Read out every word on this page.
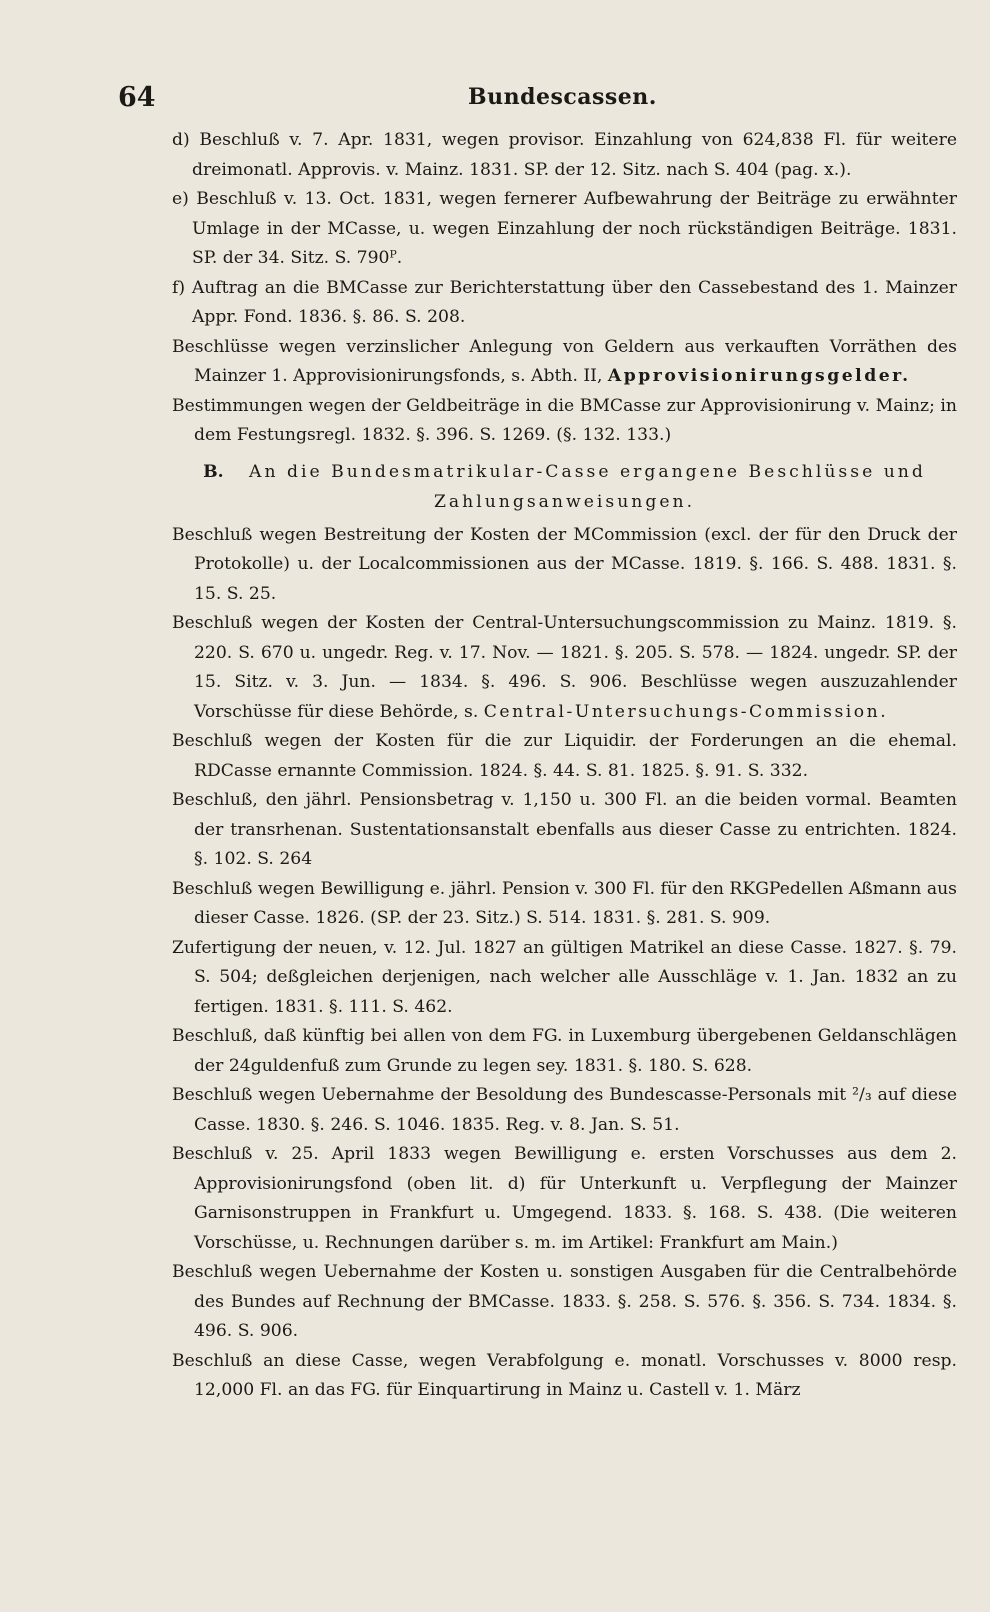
64	Bundescassen.

d) Beschluß v. 7. Apr. 1831, wegen provisor. Einzahlung von 624,838 Fl. für weitere dreimonatl. Approvis. v. Mainz. 1831. SP. der 12. Sitz. nach S. 404 (pag. x.).

e) Beschluß v. 13. Oct. 1831, wegen fernerer Aufbewahrung der Beiträge zu erwähnter Umlage in der MCasse, u. wegen Einzahlung der noch rückständigen Beiträge. 1831. SP. der 34. Sitz. S. 790ᴾ.

f) Auftrag an die BMCasse zur Berichterstattung über den Cassebestand des 1. Mainzer Appr. Fond. 1836. §. 86. S. 208.

Beschlüsse wegen verzinslicher Anlegung von Geldern aus verkauften Vorräthen des Mainzer 1. Approvisionirungsfonds, s. Abth. II, Approvisionirungsgelder.

Bestimmungen wegen der Geldbeiträge in die BMCasse zur Approvisionirung v. Mainz; in dem Festungsregl. 1832. §. 396. S. 1269. (§. 132. 133.)

B. An die Bundesmatrikular-Casse ergangene Beschlüsse und
Zahlungsanweisungen.

Beschluß wegen Bestreitung der Kosten der MCommission (excl. der für den Druck der Protokolle) u. der Localcommissionen aus der MCasse. 1819. §. 166. S. 488. 1831. §. 15. S. 25.

Beschluß wegen der Kosten der Central-Untersuchungscommission zu Mainz. 1819. §. 220. S. 670 u. ungedr. Reg. v. 17. Nov. — 1821. §. 205. S. 578. — 1824. ungedr. SP. der 15. Sitz. v. 3. Jun. — 1834. §. 496. S. 906. Beschlüsse wegen auszuzahlender Vorschüsse für diese Behörde, s. Central-Untersuchungs-Commission.

Beschluß wegen der Kosten für die zur Liquidir. der Forderungen an die ehemal. RDCasse ernannte Commission. 1824. §. 44. S. 81. 1825. §. 91. S. 332.

Beschluß, den jährl. Pensionsbetrag v. 1,150 u. 300 Fl. an die beiden vormal. Beamten der transrhenan. Sustentationsanstalt ebenfalls aus dieser Casse zu entrichten. 1824. §. 102. S. 264

Beschluß wegen Bewilligung e. jährl. Pension v. 300 Fl. für den RKGPedellen Aßmann aus dieser Casse. 1826. (SP. der 23. Sitz.) S. 514. 1831. §. 281. S. 909.

Zufertigung der neuen, v. 12. Jul. 1827 an gültigen Matrikel an diese Casse. 1827. §. 79. S. 504; deßgleichen derjenigen, nach welcher alle Ausschläge v. 1. Jan. 1832 an zu fertigen. 1831. §. 111. S. 462.

Beschluß, daß künftig bei allen von dem FG. in Luxemburg übergebenen Geldanschlägen der 24guldenfuß zum Grunde zu legen sey. 1831. §. 180. S. 628.

Beschluß wegen Uebernahme der Besoldung des Bundescasse-Personals mit ²/₃ auf diese Casse. 1830. §. 246. S. 1046. 1835. Reg. v. 8. Jan. S. 51.

Beschluß v. 25. April 1833 wegen Bewilligung e. ersten Vorschusses aus dem 2. Approvisionirungsfond (oben lit. d) für Unterkunft u. Verpflegung der Mainzer Garnisonstruppen in Frankfurt u. Umgegend. 1833. §. 168. S. 438. (Die weiteren Vorschüsse, u. Rechnungen darüber s. m. im Artikel: Frankfurt am Main.)

Beschluß wegen Uebernahme der Kosten u. sonstigen Ausgaben für die Centralbehörde des Bundes auf Rechnung der BMCasse. 1833. §. 258. S. 576. §. 356. S. 734. 1834. §. 496. S. 906.

Beschluß an diese Casse, wegen Verabfolgung e. monatl. Vorschusses v. 8000 resp. 12,000 Fl. an das FG. für Einquartirung in Mainz u. Castell v. 1. März
